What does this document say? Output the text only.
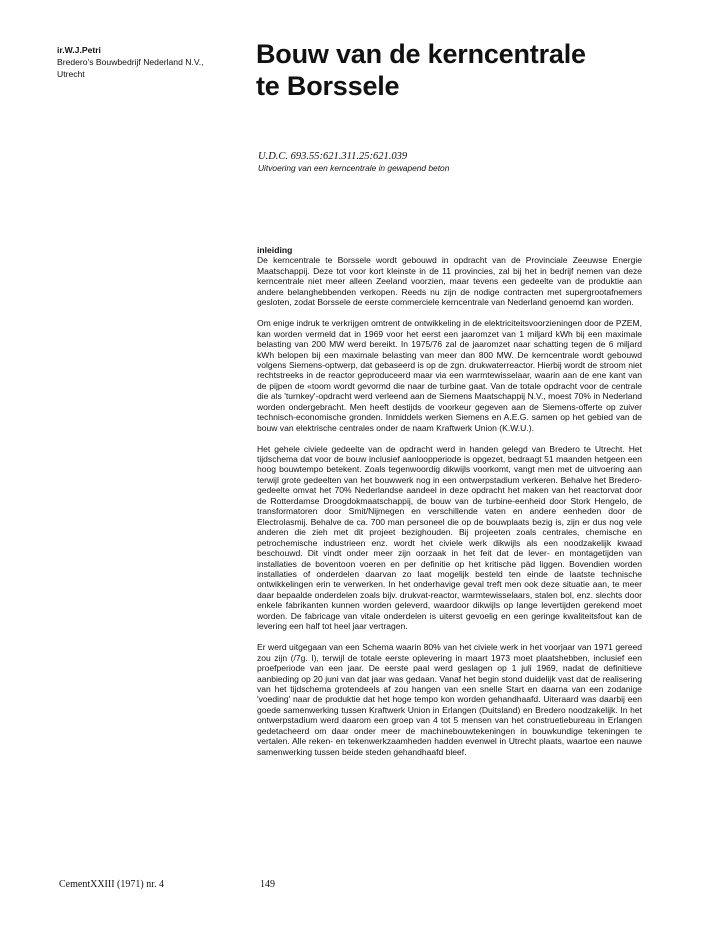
ir.W.J.Petri
Bredero's Bouwbedrijf Nederland N.V.,
Utrecht
Bouw van de kerncentrale
te Borssele
U.D.C. 693.55:621.311.25:621.039
Uitvoering van een kerncentrale in gewapend beton
inleiding

De kerncentrale te Borssele wordt gebouwd in opdracht van de Provinciale Zeeuwse Energie Maatschappij. Deze tot voor kort kleinste in de 11 provincies, zal bij het in bedrijf nemen van deze kerncentrale niet meer alleen Zeeland voorzien, maar tevens een gedeelte van de produktie aan andere belanghebbenden verkopen. Reeds nu zijn de nodige contracten met supergrootafnemers gesloten, zodat Borssele de eerste commerciele kerncentrale van Nederland genoemd kan worden.

Om enige indruk te verkrijgen omtrent de ontwikkeling in de elektriciteitsvoorzieningen door de PZEM, kan worden vermeld dat in 1969 voor het eerst een jaaromzet van 1 miljard kWh bij een maximale belasting van 200 MW werd bereikt. In 1975/76 zal de jaaromzet naar schatting tegen de 6 miljard kWh belopen bij een maximale belasting van meer dan 800 MW. De kerncentrale wordt gebouwd volgens Siemens-optwerp, dat gebaseerd is op de zgn. drukwaterreactor. Hierbij wordt de stroom niet rechtstreeks in de reactor geproduceerd maar via een warmtewisselaar, waarin aan de ene kant van de pijpen de «toom wordt gevormd die naar de turbine gaat. Van de totale opdracht voor de centrale die als 'turnkey'-opdracht werd verleend aan de Siemens Maatschappij N.V., moest 70% in Nederland worden ondergebracht. Men heeft destijds de voorkeur gegeven aan de Siemens-offerte op zuiver technisch-economische gronden. Inmiddels werken Siemens en A.E.G. samen op het gebied van de bouw van elektrische centrales onder de naam Kraftwerk Union (K.W.U.).

Het gehele civiele gedeelte van de opdracht werd in handen gelegd van Bredero te Utrecht. Het tijdschema dat voor de bouw inclusief aanloopperiode is opgezet, bedraagt 51 maanden hetgeen een hoog bouwtempo betekent. Zoals tegenwoordig dikwijls voorkomt, vangt men met de uitvoering aan terwijl grote gedeelten van het bouwwerk nog in een ontwerpstadium verkeren. Behalve het Bredero-gedeelte omvat het 70% Nederlandse aandeel in deze opdracht het maken van het reactorvat door de Rotterdamse Droogdokmaatschappij, de bouw van de turbine-eenheid door Stork Hengelo, de transformatoren door Smit/Nijmegen en verschillende vaten en andere eenheden door de Electrolasmij. Behalve de ca. 700 man personeel die op de bouwplaats bezig is, zijn er dus nog vele anderen die zieh met dit projeet bezighouden. Bij projeeten zoals centrales, chemische en petrochemische industrieen enz. wordt het civiele werk dikwijls als een noodzakelijk kwaad beschouwd. Dit vindt onder meer zijn oorzaak in het feit dat de lever- en montagetijden van installaties de boventoon voeren en per definitie op het kritische päd liggen. Bovendien worden installaties of onderdelen daarvan zo laat mogelijk besteld ten einde de laatste technische ontwikkelingen erin te verwerken. In het onderhavige geval treft men ook deze situatie aan, te meer daar bepaalde onderdelen zoals bijv. drukvat-reactor, warmtewisselaars, stalen bol, enz. slechts door enkele fabrikanten kunnen worden geleverd, waardoor dikwijls op lange levertijden gerekend moet worden. De fabricage van vitale onderdelen is uiterst gevoelig en een geringe kwaliteitsfout kan de levering een half tot heel jaar vertragen.

Er werd uitgegaan van een Schema waarin 80% van het civiele werk in het voorjaar van 1971 gereed zou zijn (/7g. I), terwijl de totale eerste oplevering in maart 1973 moet plaatshebben, inclusief een proefperiode van een jaar. De eerste paal werd geslagen op 1 juli 1969, nadat de definitieve aanbieding op 20 juni van dat jaar was gedaan. Vanaf het begin stond duidelijk vast dat de realisering van het tijdschema grotendeels af zou hangen van een snelle Start en daarna van een zodanige 'voeding' naar de produktie dat het hoge tempo kon worden gehandhaafd. Uiteraard was daarbij een goede samenwerking tussen Kraftwerk Union in Erlangen (Duitsland) en Bredero noodzakelijk. In het ontwerpstadium werd daarom een groep van 4 tot 5 mensen van het construetiebureau in Erlangen gedetacheerd om daar onder meer de machinebouwtekeningen in bouwkundige tekeningen te vertalen. Alle reken- en tekenwerkzaamheden hadden evenwel in Utrecht plaats, waartoe een nauwe samenwerking tussen beide steden gehandhaafd bleef.

CementXXIII (1971) nr. 4	149
